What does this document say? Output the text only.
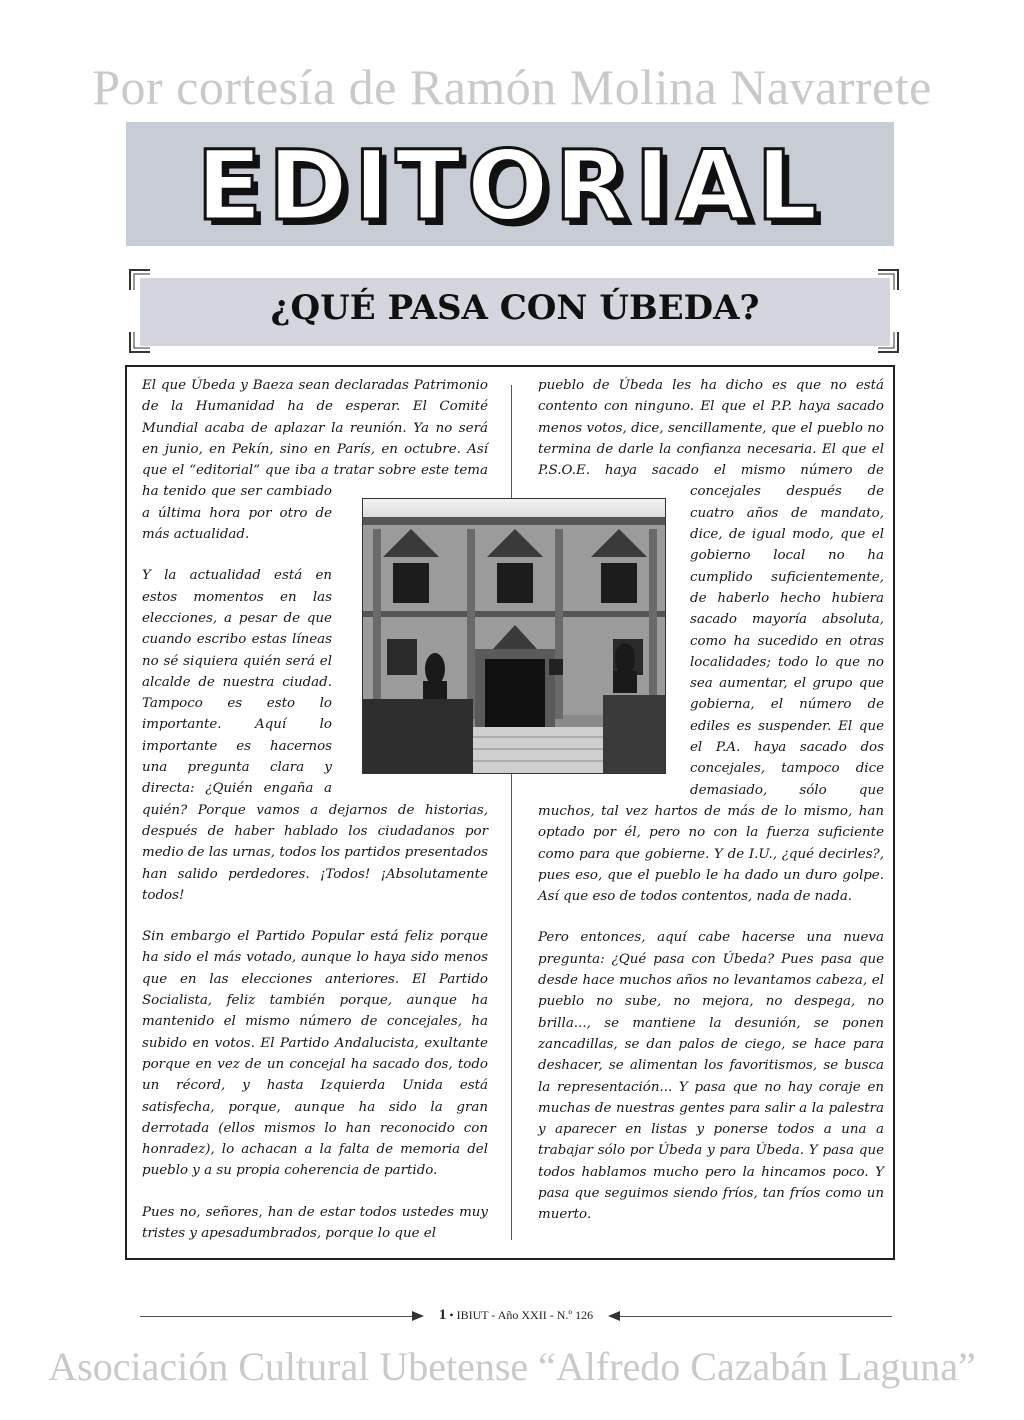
Por cortesía de Ramón Molina Navarrete
EDITORIAL
¿QUÉ PASA CON ÚBEDA?

El que Úbeda y Baeza sean declaradas Patrimonio de la Humanidad ha de esperar. El Comité Mundial acaba de aplazar la reunión. Ya no será en junio, en Pekín, sino en París, en octubre. Así que el “editorial” que iba a tratar sobre este tema ha tenido que ser cambiado a última hora por otro de más actualidad.

Y la actualidad está en estos momentos en las elecciones, a pesar de que cuando escribo estas líneas no sé siquiera quién será el alcalde de nuestra ciudad. Tampoco es esto lo importante. Aquí lo importante es hacernos una pregunta clara y directa: ¿Quién engaña a quién? Porque vamos a dejarnos de historias, después de haber hablado los ciudadanos por medio de las urnas, todos los partidos presentados han salido perdedores. ¡Todos! ¡Absolutamente todos!

Sin embargo el Partido Popular está feliz porque ha sido el más votado, aunque lo haya sido menos que en las elecciones anteriores. El Partido Socialista, feliz también porque, aunque ha mantenido el mismo número de concejales, ha subido en votos. El Partido Andalucista, exultante porque en vez de un concejal ha sacado dos, todo un récord, y hasta Izquierda Unida está satisfecha, porque, aunque ha sido la gran derrotada (ellos mismos lo han reconocido con honradez), lo achacan a la falta de memoria del pueblo y a su propia coherencia de partido.

Pues no, señores, han de estar todos ustedes muy tristes y apesadumbrados, porque lo que el

1 • IBIUT - Año XXII - N.º 126
Asociación Cultural Ubetense “Alfredo Cazabán Laguna”

pueblo de Úbeda les ha dicho es que no está contento con ninguno. El que el P.P. haya sacado menos votos, dice, sencillamente, que el pueblo no termina de darle la confianza necesaria. El que el P.S.O.E. haya sacado el mismo número de concejales después de cuatro años de mandato, dice, de igual modo, que el gobierno local no ha cumplido suficientemente, de haberlo hecho hubiera sacado mayoría absoluta, como ha sucedido en otras localidades; todo lo que no sea aumentar, el grupo que gobierna, el número de ediles es suspender. El que el P.A. haya sacado dos concejales, tampoco dice demasiado, sólo que muchos, tal vez hartos de más de lo mismo, han optado por él, pero no con la fuerza suficiente como para que gobierne. Y de I.U., ¿qué decirles?, pues eso, que el pueblo le ha dado un duro golpe. Así que eso de todos contentos, nada de nada.

Pero entonces, aquí cabe hacerse una nueva pregunta: ¿Qué pasa con Úbeda? Pues pasa que desde hace muchos años no levantamos cabeza, el pueblo no sube, no mejora, no despega, no brilla..., se mantiene la desunión, se ponen zancadillas, se dan palos de ciego, se hace para deshacer, se alimentan los favoritismos, se busca la representación... Y pasa que no hay coraje en muchas de nuestras gentes para salir a la palestra y aparecer en listas y ponerse todos a una a trabajar sólo por Úbeda y para Úbeda. Y pasa que todos hablamos mucho pero la hincamos poco. Y pasa que seguimos siendo fríos, tan fríos como un muerto.
